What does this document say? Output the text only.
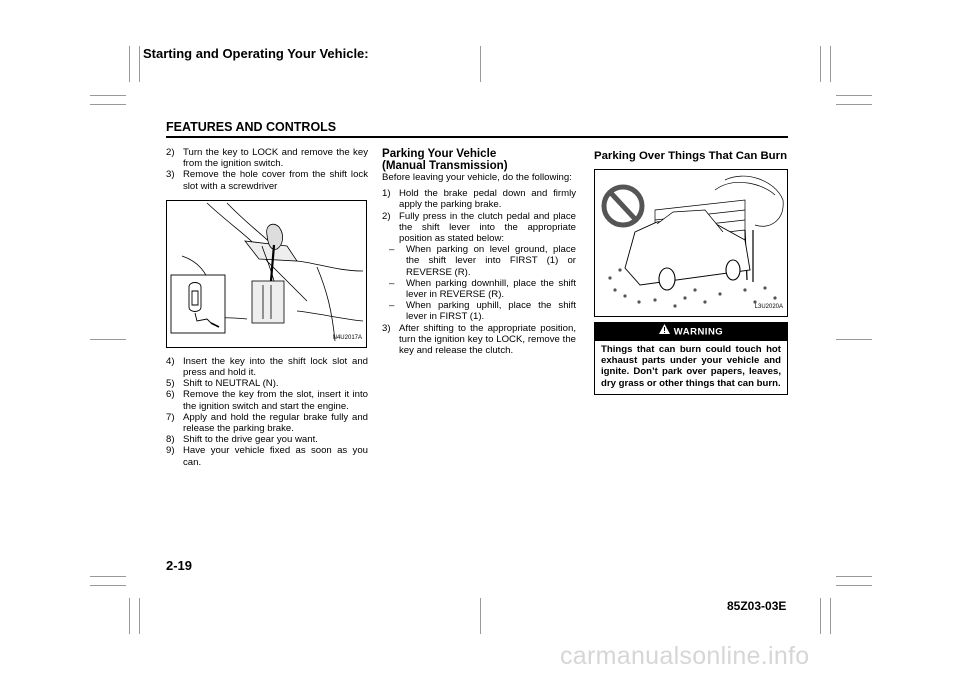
Starting and Operating Your Vehicle:
FEATURES AND CONTROLS

2) Turn the key to LOCK and remove the key from the ignition switch.

3) Remove the hole cover from the shift lock slot with a screwdriver

N4U2017A

4) Insert the key into the shift lock slot and press and hold it.

5) Shift to NEUTRAL (N).

6) Remove the key from the slot, insert it into the ignition switch and start the engine.

7) Apply and hold the regular brake fully and release the parking brake.

8) Shift to the drive gear you want.

9) Have your vehicle fixed as soon as you can.

Parking Your Vehicle

(Manual Transmission)

Before leaving your vehicle, do the following:

1) Hold the brake pedal down and firmly apply the parking brake.

2) Fully press in the clutch pedal and place the shift lever into the appropriate position as stated below:

– When parking on level ground, place the shift lever into FIRST (1) or REVERSE (R).

– When parking downhill, place the shift lever in REVERSE (R).

– When parking uphill, place the shift lever in FIRST (1).

3) After shifting to the appropriate position, turn the ignition key to LOCK, remove the key and release the clutch.

Parking Over Things That Can Burn

L3U2020A
WARNING
Things that can burn could touch hot exhaust parts under your vehicle and ignite. Don’t park over papers, leaves, dry grass or other things that can burn.
2-19
85Z03-03E
carmanualsonline.info
